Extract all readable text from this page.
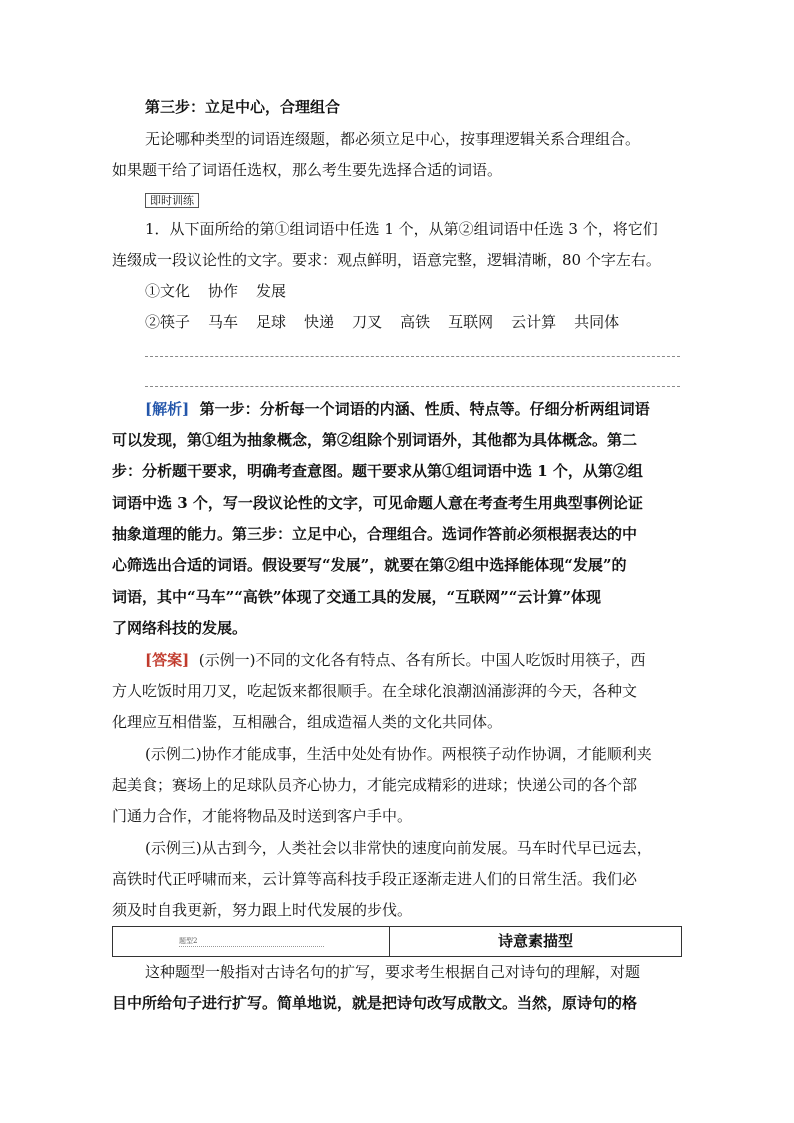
第三步：立足中心，合理组合
无论哪种类型的词语连缀题，都必须立足中心，按事理逻辑关系合理组合。
如果题干给了词语任选权，那么考生要先选择合适的词语。
即时训练
1．从下面所给的第①组词语中任选 1 个，从第②组词语中任选 3 个，将它们
连缀成一段议论性的文字。要求：观点鲜明，语意完整，逻辑清晰，80 个字左右。
①文化 协作 发展
②筷子 马车 足球 快递 刀叉 高铁 互联网 云计算 共同体
[解析] 第一步：分析每一个词语的内涵、性质、特点等。仔细分析两组词语
可以发现，第①组为抽象概念，第②组除个别词语外，其他都为具体概念。第二
步：分析题干要求，明确考查意图。题干要求从第①组词语中选 1 个，从第②组
词语中选 3 个，写一段议论性的文字，可见命题人意在考查考生用典型事例论证
抽象道理的能力。第三步：立足中心，合理组合。选词作答前必须根据表达的中
心筛选出合适的词语。假设要写“发展”，就要在第②组中选择能体现“发展”的
词语，其中“马车”“高铁”体现了交通工具的发展，“互联网”“云计算”体现
了网络科技的发展。
[答案] (示例一)不同的文化各有特点、各有所长。中国人吃饭时用筷子，西
方人吃饭时用刀叉，吃起饭来都很顺手。在全球化浪潮汹涌澎湃的今天，各种文
化理应互相借鉴，互相融合，组成造福人类的文化共同体。
(示例二)协作才能成事，生活中处处有协作。两根筷子动作协调，才能顺利夹
起美食；赛场上的足球队员齐心协力，才能完成精彩的进球；快递公司的各个部
门通力合作，才能将物品及时送到客户手中。
(示例三)从古到今，人类社会以非常快的速度向前发展。马车时代早已远去，
高铁时代正呼啸而来，云计算等高科技手段正逐渐走进人们的日常生活。我们必
须及时自我更新，努力跟上时代发展的步伐。
题型2	诗意素描型
这种题型一般指对古诗名句的扩写，要求考生根据自己对诗句的理解，对题
目中所给句子进行扩写。简单地说，就是把诗句改写成散文。当然，原诗句的格
